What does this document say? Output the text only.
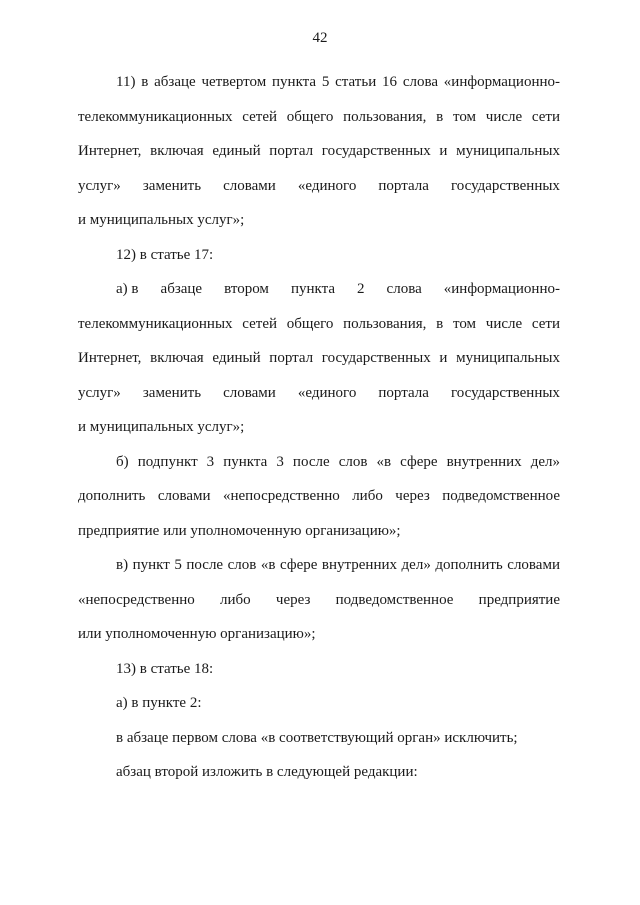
42
11) в абзаце четвертом пункта 5 статьи 16 слова «информационно-
телекоммуникационных сетей общего пользования, в том числе сети
Интернет, включая единый портал государственных и муниципальных
услуг» заменить словами «единого портала государственных
и муниципальных услуг»;
12) в статье 17:
а) в абзаце втором пункта 2 слова «информационно-
телекоммуникационных сетей общего пользования, в том числе сети
Интернет, включая единый портал государственных и муниципальных
услуг» заменить словами «единого портала государственных
и муниципальных услуг»;
б) подпункт 3 пункта 3 после слов «в сфере внутренних дел»
дополнить словами «непосредственно либо через подведомственное
предприятие или уполномоченную организацию»;
в) пункт 5 после слов «в сфере внутренних дел» дополнить словами
«непосредственно либо через подведомственное предприятие
или уполномоченную организацию»;
13) в статье 18:
а) в пункте 2:
в абзаце первом слова «в соответствующий орган» исключить;
абзац второй изложить в следующей редакции:
